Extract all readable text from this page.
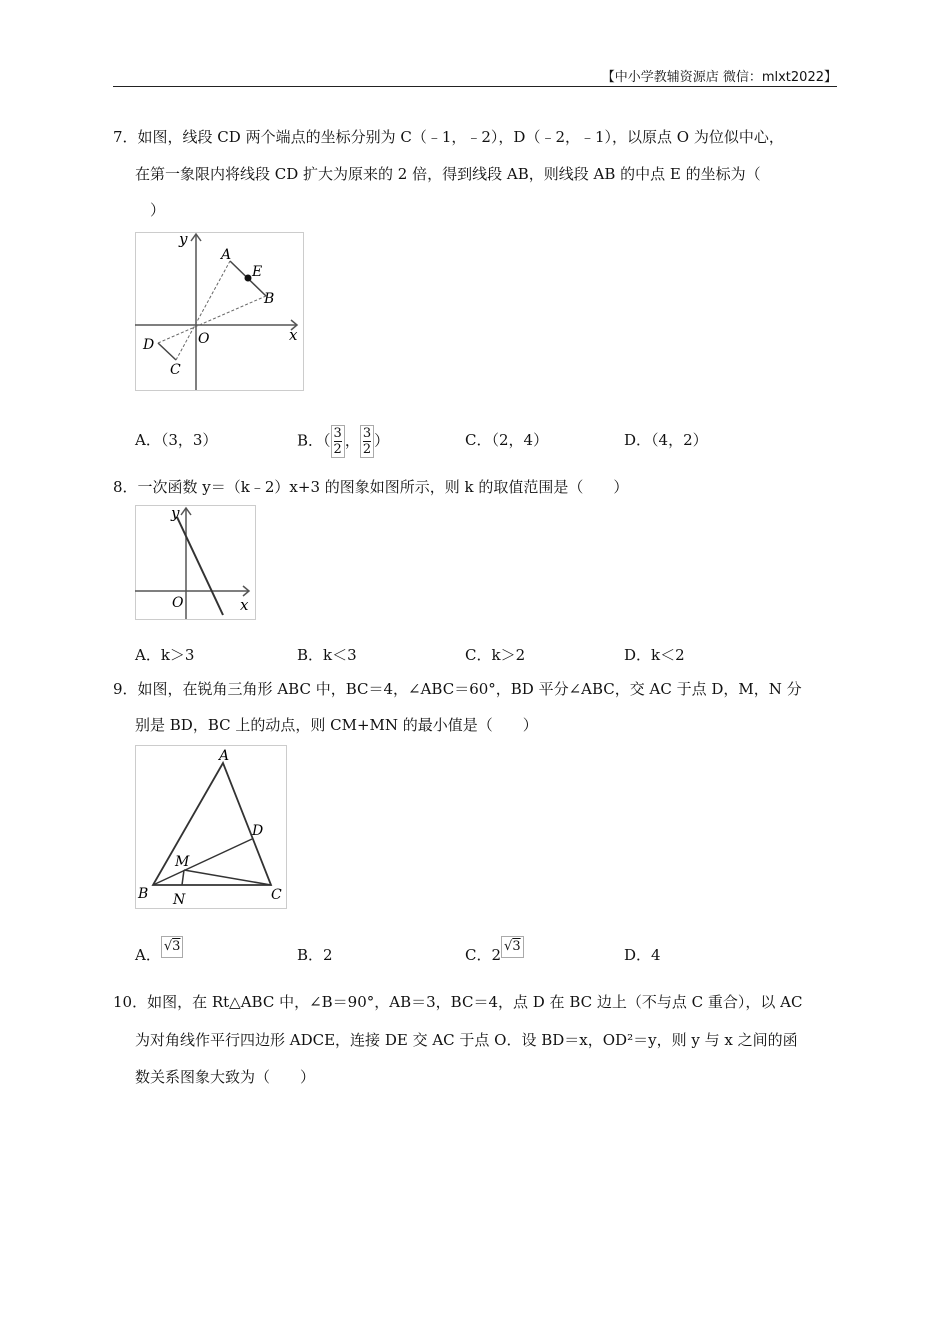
【中小学教辅资源店 微信：mlxt2022】
7．如图，线段 CD 两个端点的坐标分别为 C（﹣1，﹣2），D（﹣2，﹣1），以原点 O 为位似中心，
在第一象限内将线段 CD 扩大为原来的 2 倍，得到线段 AB，则线段 AB 的中点 E 的坐标为（
）
y
x
O
A
B
E
D
C
A．（3，3）	B．（ $\frac{3}{2}$， $\frac{3}{2}$）	C．（2，4）	D．（4，2）
8．一次函数 y＝（k﹣2）x+3 的图象如图所示，则 k 的取值范围是（　　）
y
x
O
A．k＞3	B．k＜3	C．k＞2	D．k＜2
9．如图，在锐角三角形 ABC 中，BC＝4，∠ABC＝60°，BD 平分∠ABC，交 AC 于点 D，M，N 分
别是 BD，BC 上的动点，则 CM+MN 的最小值是（　　）
A
B	C
D
M
N
A． √3	B．2	C．2 √3	D．4
10．如图，在 Rt△ABC 中，∠B＝90°，AB＝3，BC＝4，点 D 在 BC 边上（不与点 C 重合），以 AC
为对角线作平行四边形 ADCE，连接 DE 交 AC 于点 O．设 BD＝x，OD²＝y，则 y 与 x 之间的函
数关系图象大致为（　　）
